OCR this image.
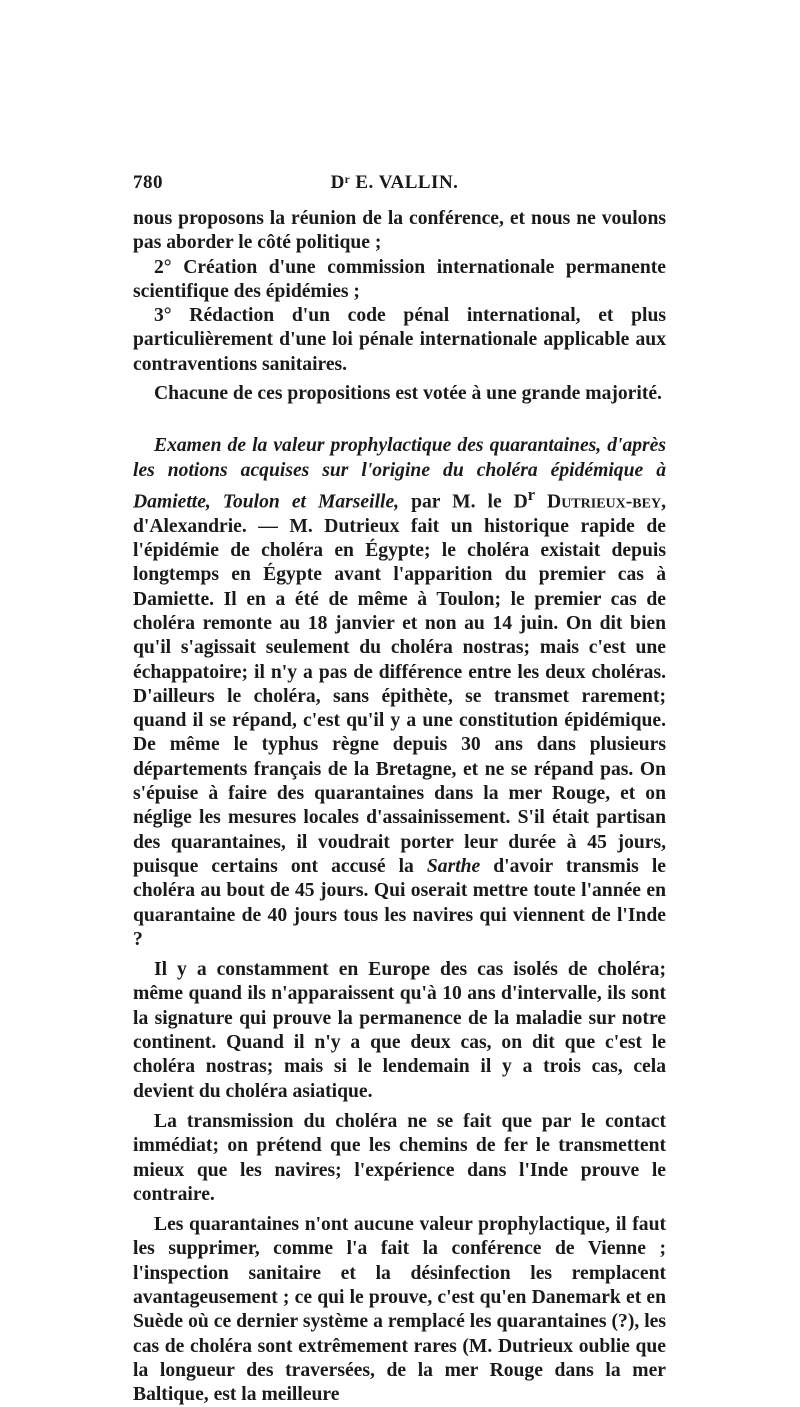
780	Dʳ E. VALLIN.

nous proposons la réunion de la conférence, et nous ne voulons pas aborder le côté politique ;

2° Création d'une commission internationale permanente scientifique des épidémies ;

3° Rédaction d'un code pénal international, et plus particulièrement d'une loi pénale internationale applicable aux contraventions sanitaires.

Chacune de ces propositions est votée à une grande majorité.

Examen de la valeur prophylactique des quarantaines, d'après les notions acquises sur l'origine du choléra épidémique à Damiette, Toulon et Marseille, par M. le $D^r$ Dutrieux-bey, d'Alexandrie. — M. Dutrieux fait un historique rapide de l'épidémie de choléra en Égypte; le choléra existait depuis longtemps en Égypte avant l'apparition du premier cas à Damiette. Il en a été de même à Toulon; le premier cas de choléra remonte au 18 janvier et non au 14 juin. On dit bien qu'il s'agissait seulement du choléra nostras; mais c'est une échappatoire; il n'y a pas de différence entre les deux choléras. D'ailleurs le choléra, sans épithète, se transmet rarement; quand il se répand, c'est qu'il y a une constitution épidémique. De même le typhus règne depuis 30 ans dans plusieurs départements français de la Bretagne, et ne se répand pas. On s'épuise à faire des quarantaines dans la mer Rouge, et on néglige les mesures locales d'assainissement. S'il était partisan des quarantaines, il voudrait porter leur durée à 45 jours, puisque certains ont accusé la Sarthe d'avoir transmis le choléra au bout de 45 jours. Qui oserait mettre toute l'année en quarantaine de 40 jours tous les navires qui viennent de l'Inde ?

Il y a constamment en Europe des cas isolés de choléra; même quand ils n'apparaissent qu'à 10 ans d'intervalle, ils sont la signature qui prouve la permanence de la maladie sur notre continent. Quand il n'y a que deux cas, on dit que c'est le choléra nostras; mais si le lendemain il y a trois cas, cela devient du choléra asiatique.

La transmission du choléra ne se fait que par le contact immédiat; on prétend que les chemins de fer le transmettent mieux que les navires; l'expérience dans l'Inde prouve le contraire.

Les quarantaines n'ont aucune valeur prophylactique, il faut les supprimer, comme l'a fait la conférence de Vienne ; l'inspection sanitaire et la désinfection les remplacent avantageusement ; ce qui le prouve, c'est qu'en Danemark et en Suède où ce dernier système a remplacé les quarantaines (?), les cas de choléra sont extrêmement rares (M. Dutrieux oublie que la longueur des traversées, de la mer Rouge dans la mer Baltique, est la meilleure
